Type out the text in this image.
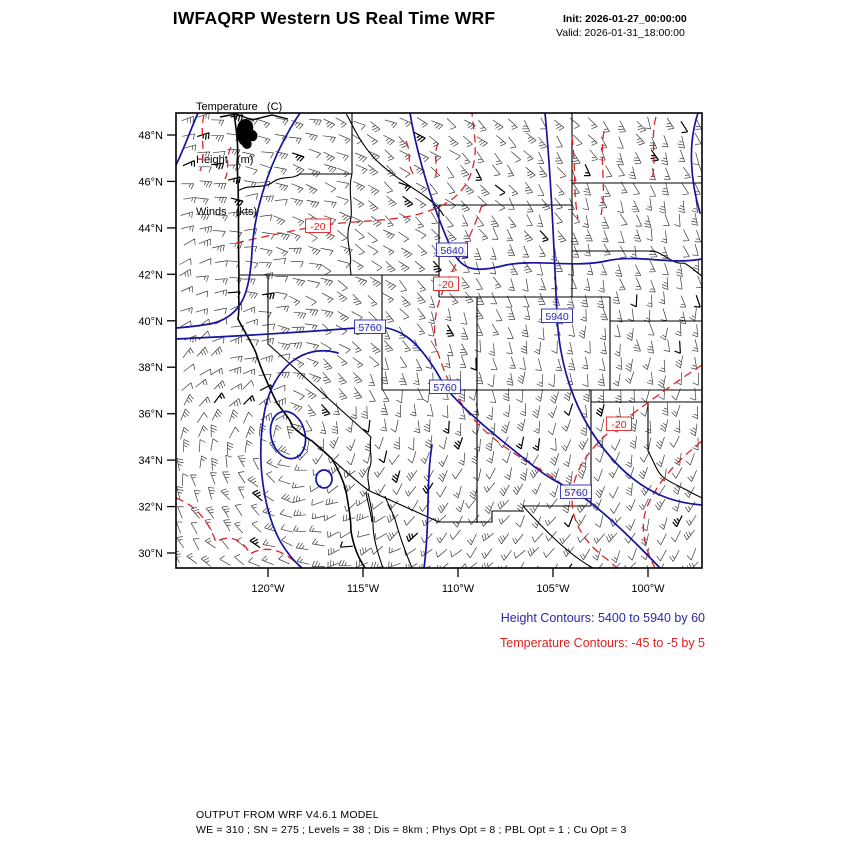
IWFAQRP Western US Real Time WRF	Init: 2026-01-27_00:00:00
Valid: 2026-01-31_18:00:00

Temperature   (C)

Height   (m)

Winds   (kts)

5640
5940
5760
5760
5760
-20
-20
-20
48°N
46°N
44°N
42°N
40°N
38°N
36°N
34°N
32°N
30°N
120°W	115°W	110°W	105°W	100°W
Height Contours: 5400 to 5940 by 60
Temperature Contours: -45 to -5 by 5
OUTPUT FROM WRF V4.6.1 MODEL
WE = 310 ; SN = 275 ; Levels = 38 ; Dis = 8km ; Phys Opt = 8 ; PBL Opt = 1 ; Cu Opt = 3
